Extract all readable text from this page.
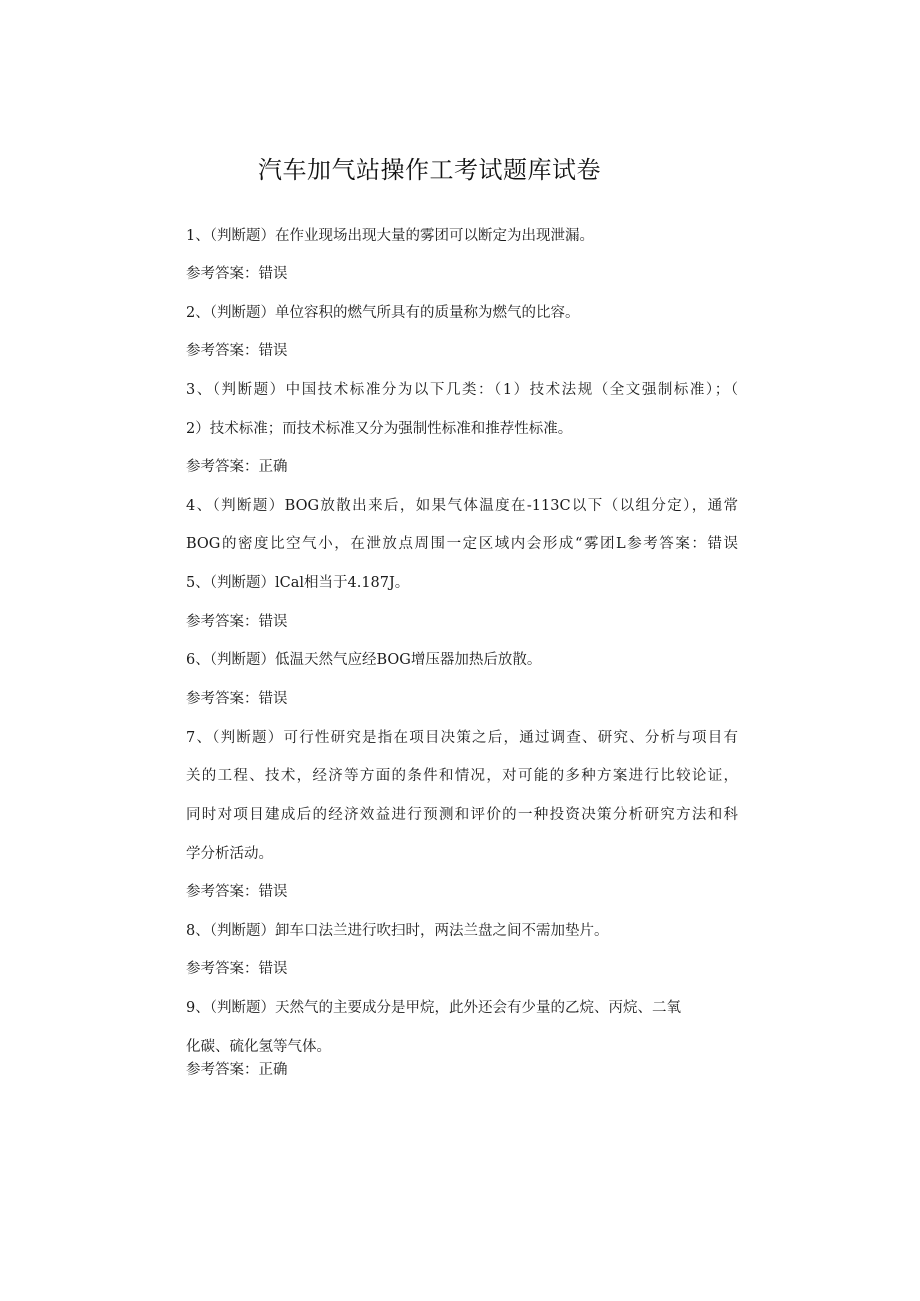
汽车加气站操作工考试题库试卷
1、（判断题）在作业现场出现大量的雾团可以断定为出现泄漏。
参考答案：错误
2、（判断题）单位容积的燃气所具有的质量称为燃气的比容。
参考答案：错误
3、（判断题）中国技术标准分为以下几类：（1）技术法规（全文强制标准）；（
2）技术标准；而技术标准又分为强制性标准和推荐性标准。
参考答案：正确
4、（判断题）BOG放散出来后，如果气体温度在-113C以下（以组分定），通常
BOG的密度比空气小，在泄放点周围一定区域内会形成“雾团L参考答案：错误
5、（判断题）lCal相当于4.187J。
参考答案：错误
6、（判断题）低温天然气应经BOG增压器加热后放散。
参考答案：错误
7、（判断题）可行性研究是指在项目决策之后，通过调查、研究、分析与项目有
关的工程、技术，经济等方面的条件和情况，对可能的多种方案进行比较论证，
同时对项目建成后的经济效益进行预测和评价的一种投资决策分析研究方法和科
学分析活动。
参考答案：错误
8、（判断题）卸车口法兰进行吹扫时，两法兰盘之间不需加垫片。
参考答案：错误
9、（判断题）天然气的主要成分是甲烷，此外还会有少量的乙烷、丙烷、二氧
化碳、硫化氢等气体。
参考答案：正确
